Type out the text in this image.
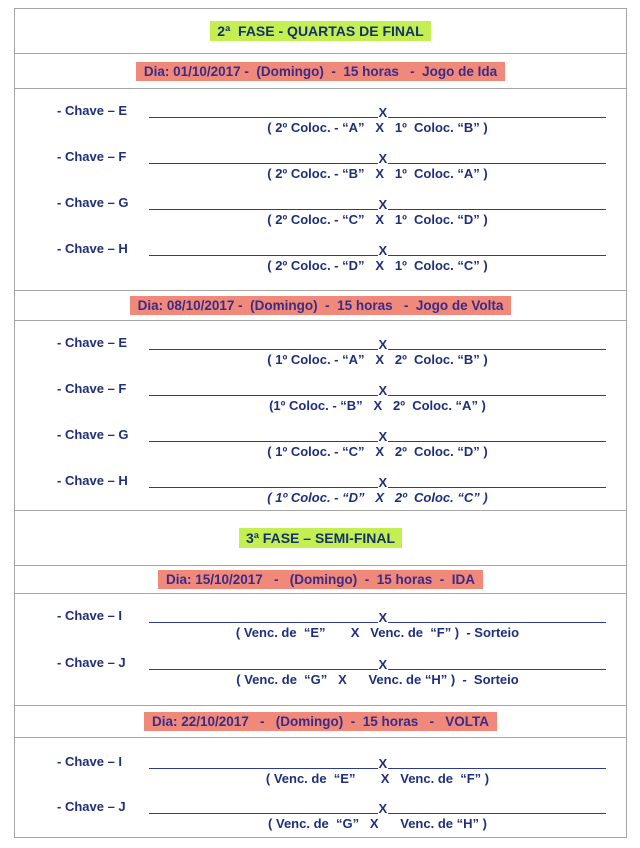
2ª  FASE - QUARTAS DE FINAL
Dia: 01/10/2017 -  (Domingo)  -  15 horas   -  Jogo de Ida
- Chave – E	X
( 2º Coloc. - “A”   X   1º  Coloc. “B” )
- Chave – F	X
( 2º Coloc. - “B”   X   1º  Coloc. “A” )
- Chave – G	X
( 2º Coloc. - “C”   X   1º  Coloc. “D” )
- Chave – H	X
( 2º Coloc. - “D”   X   1º  Coloc. “C” )
Dia: 08/10/2017 -  (Domingo)  -  15 horas   -  Jogo de Volta
- Chave – E	X
( 1º Coloc. - “A”   X   2º  Coloc. “B” )
- Chave – F	X
(1º Coloc. - “B”   X   2º  Coloc. “A” )
- Chave – G	X
( 1º Coloc. - “C”   X   2º  Coloc. “D” )
- Chave – H	X
( 1º Coloc. - “D”   X   2º  Coloc. “C” )
3ª FASE – SEMI-FINAL
Dia: 15/10/2017   -   (Domingo)  -  15 horas  -  IDA
- Chave – I	X
( Venc. de  “E”       X   Venc. de  “F” )  - Sorteio
- Chave – J	X
( Venc. de  “G”   X      Venc. de “H” )  -  Sorteio
Dia: 22/10/2017   -   (Domingo)  -  15 horas   -   VOLTA
- Chave – I	X
( Venc. de  “E”       X   Venc. de  “F” )
- Chave – J	X
( Venc. de  “G”   X      Venc. de “H” )
